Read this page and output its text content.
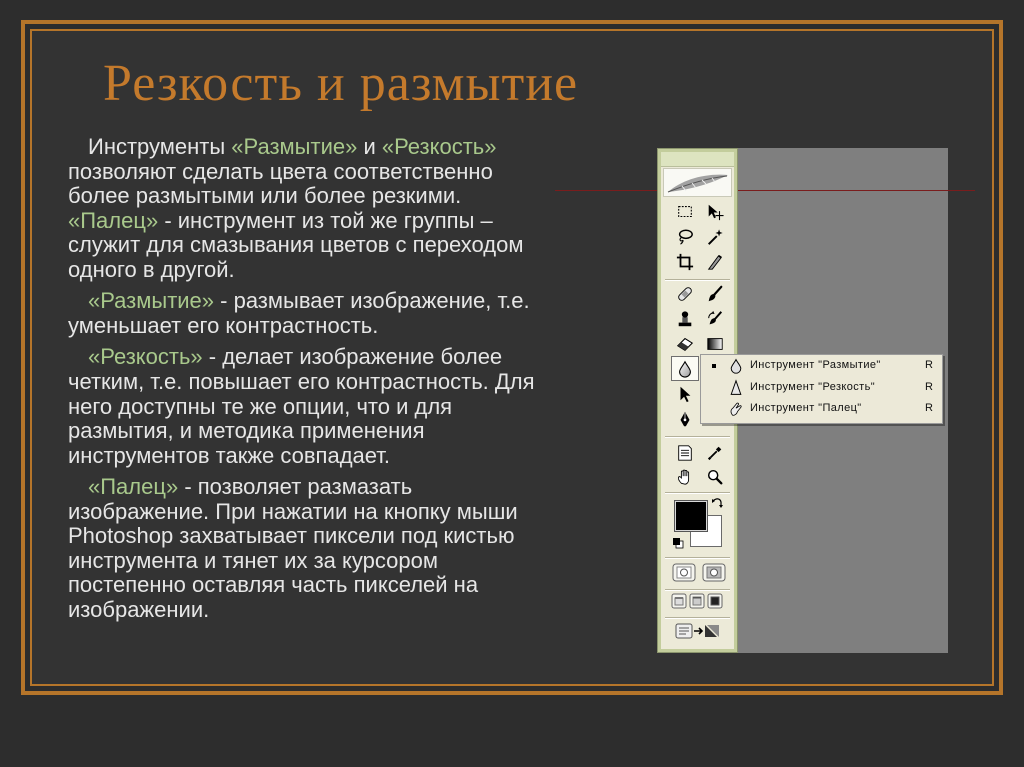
Резкость и размытие
Инструменты «Размытие» и «Резкость»
позволяют сделать цвета соответственно
более размытыми или более резкими.
«Палец» - инструмент из той же группы –
служит для смазывания цветов с переходом
одного в другой.
«Размытие» - размывает изображение, т.е.
уменьшает его контрастность.
«Резкость» - делает изображение более
четким, т.е. повышает его контрастность. Для
него доступны те же опции, что и для
размытия, и методика применения
инструментов также совпадает.
«Палец» - позволяет размазать
изображение. При нажатии на кнопку мыши
Photoshop захватывает пиксели под кистью
инструмента и тянет их за курсором
постепенно оставляя часть пикселей на
изображении.
Инструмент "Размытие"	R
Инструмент "Резкость"	R
Инструмент "Палец"	R
